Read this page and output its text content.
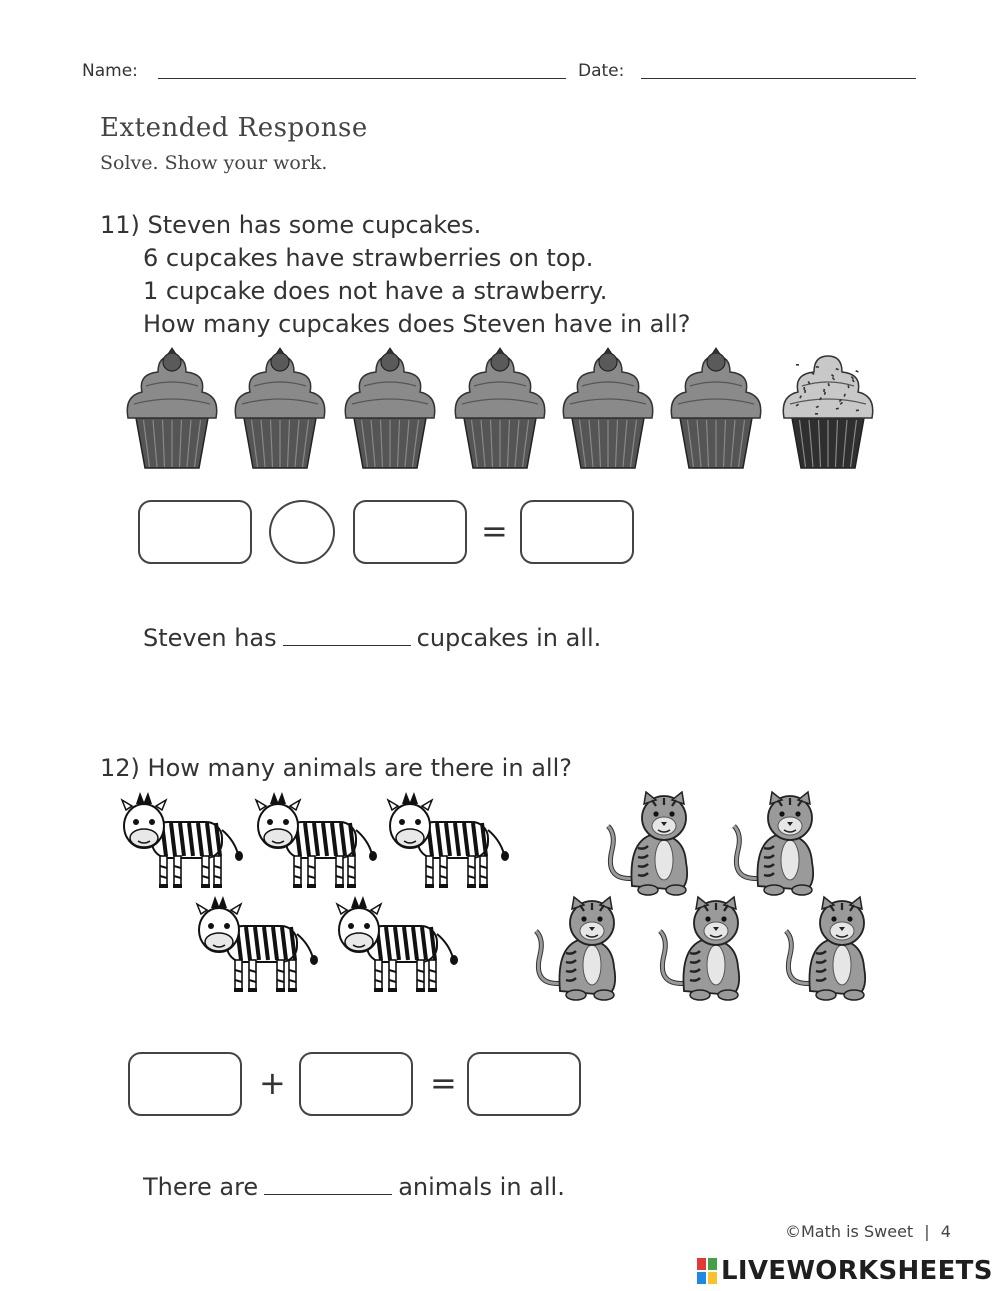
Name:	Date:
Extended Response
Solve. Show your work.
11) Steven has some cupcakes.
6 cupcakes have strawberries on top.
1 cupcake does not have a strawberry.
How many cupcakes does Steven have in all?
=
Steven has	cupcakes in all.
12) How many animals are there in all?
+	=
There are	animals in all.
©Math is Sweet | 4
LIVEWORKSHEETS
